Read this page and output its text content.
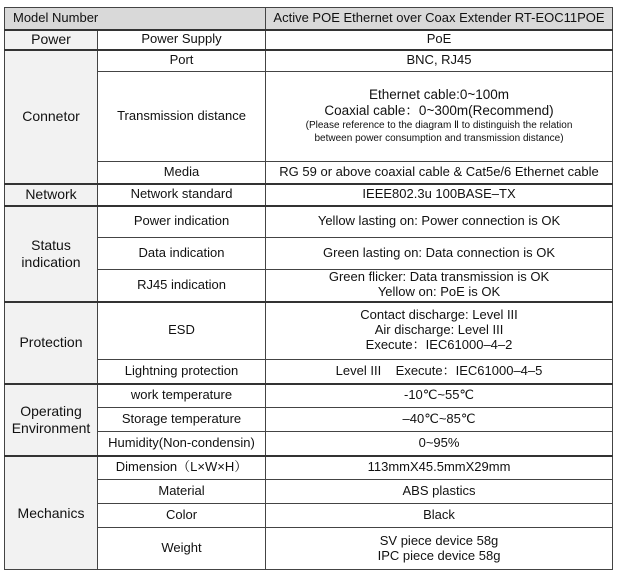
Model Number		Active POE Ethernet over Coax Extender RT-EOC11POE
Power	Power Supply	PoE
Connetor	Port	BNC, RJ45
	Transmission distance	Ethernet cable:0~100m
Coaxial cable：0~300m(Recommend)
(Please reference to the diagram Ⅱ to distinguish the relation
between power consumption and transmission distance)

	Media	RG 59 or above coaxial cable & Cat5e/6 Ethernet cable
Network	Network standard	IEEE802.3u 100BASE–TX

Status
indication	Power indication	Yellow lasting on: Power connection is OK
	Data indication	Green lasting on: Data connection is OK
	RJ45 indication	Green flicker: Data transmission is OK
Yellow on: PoE is OK

Protection	ESD	Contact discharge: Level III
Air discharge: Level III
Execute：IEC61000–4–2

	Lightning protection	Level III    Execute：IEC61000–4–5

Operating
Environment	work temperature	-10℃~55℃
	Storage temperature	–40℃~85℃
	Humidity(Non-condensin)	0~95%
Mechanics	Dimension（L×W×H）	113mmX45.5mmX29mm
	Material	ABS plastics
	Color	Black
	Weight	SV piece device 58g
IPC piece device 58g
